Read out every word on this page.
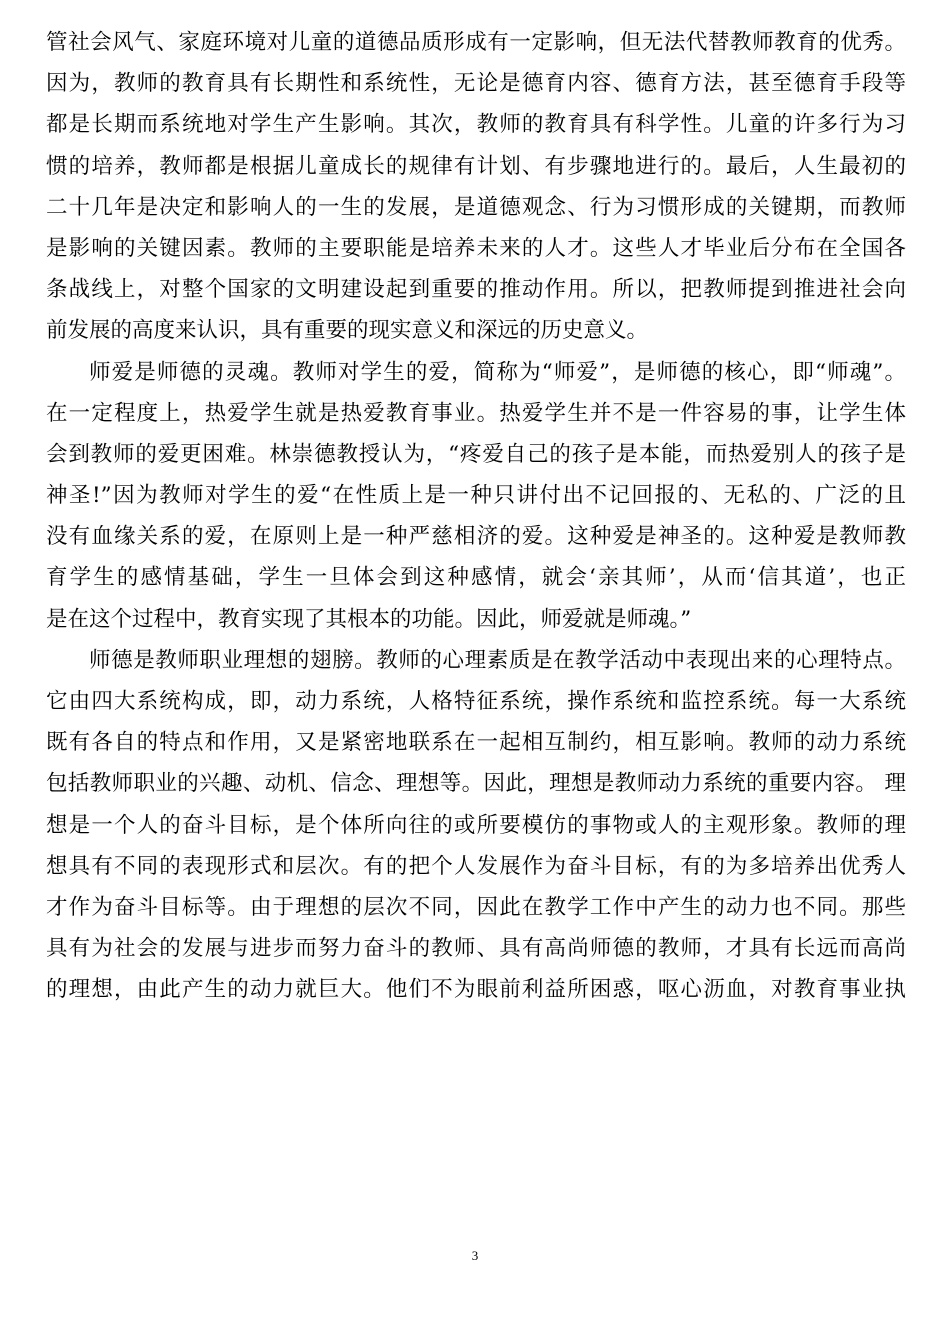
管社会风气、家庭环境对儿童的道德品质形成有一定影响，但无法代替教师教育的优秀。
因为，教师的教育具有长期性和系统性，无论是德育内容、德育方法，甚至德育手段等
都是长期而系统地对学生产生影响。其次，教师的教育具有科学性。儿童的许多行为习
惯的培养，教师都是根据儿童成长的规律有计划、有步骤地进行的。最后，人生最初的
二十几年是决定和影响人的一生的发展，是道德观念、行为习惯形成的关键期，而教师
是影响的关键因素。教师的主要职能是培养未来的人才。这些人才毕业后分布在全国各
条战线上，对整个国家的文明建设起到重要的推动作用。所以，把教师提到推进社会向
前发展的高度来认识，具有重要的现实意义和深远的历史意义。
师爱是师德的灵魂。教师对学生的爱，简称为“师爱”，是师德的核心，即“师魂”。
在一定程度上，热爱学生就是热爱教育事业。热爱学生并不是一件容易的事，让学生体
会到教师的爱更困难。林崇德教授认为，“疼爱自己的孩子是本能，而热爱别人的孩子是
神圣!”因为教师对学生的爱“在性质上是一种只讲付出不记回报的、无私的、广泛的且
没有血缘关系的爱，在原则上是一种严慈相济的爱。这种爱是神圣的。这种爱是教师教
育学生的感情基础，学生一旦体会到这种感情，就会‘亲其师’，从而‘信其道’，也正
是在这个过程中，教育实现了其根本的功能。因此，师爱就是师魂。”
师德是教师职业理想的翅膀。教师的心理素质是在教学活动中表现出来的心理特点。
它由四大系统构成，即，动力系统，人格特征系统，操作系统和监控系统。每一大系统
既有各自的特点和作用，又是紧密地联系在一起相互制约，相互影响。教师的动力系统
包括教师职业的兴趣、动机、信念、理想等。因此，理想是教师动力系统的重要内容。 理
想是一个人的奋斗目标，是个体所向往的或所要模仿的事物或人的主观形象。教师的理
想具有不同的表现形式和层次。有的把个人发展作为奋斗目标，有的为多培养出优秀人
才作为奋斗目标等。由于理想的层次不同，因此在教学工作中产生的动力也不同。那些
具有为社会的发展与进步而努力奋斗的教师、具有高尚师德的教师，才具有长远而高尚
的理想，由此产生的动力就巨大。他们不为眼前利益所困惑，呕心沥血，对教育事业执
3
